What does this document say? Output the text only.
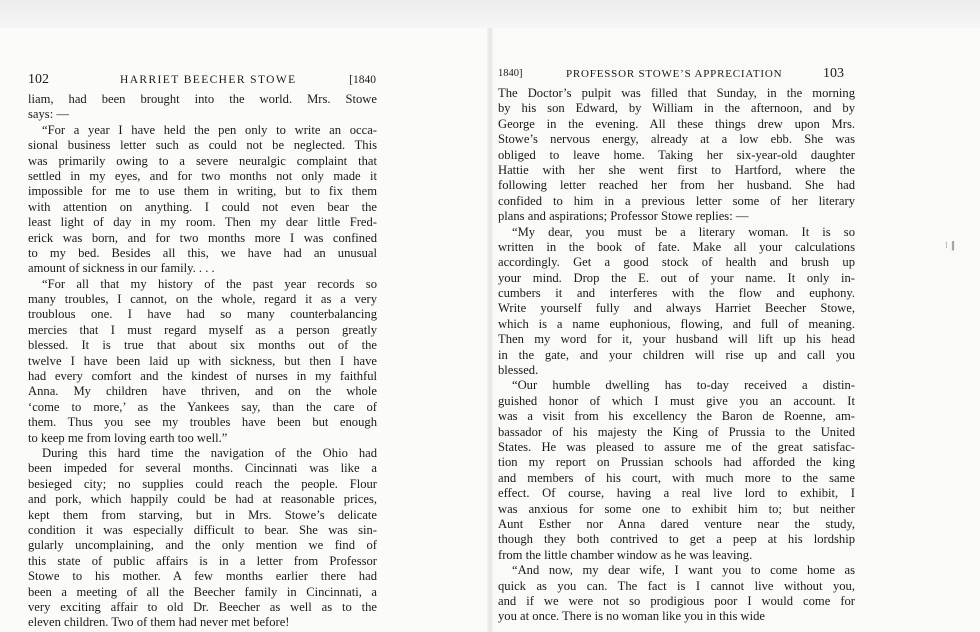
102	HARRIET BEECHER STOWE	[1840
liam, had been brought into the world. Mrs. Stowe
says: —
“For a year I have held the pen only to write an occa-
sional business letter such as could not be neglected. This
was primarily owing to a severe neuralgic complaint that
settled in my eyes, and for two months not only made it
impossible for me to use them in writing, but to fix them
with attention on anything. I could not even bear the
least light of day in my room. Then my dear little Fred-
erick was born, and for two months more I was confined
to my bed. Besides all this, we have had an unusual
amount of sickness in our family. . . .
“For all that my history of the past year records so
many troubles, I cannot, on the whole, regard it as a very
troublous one. I have had so many counterbalancing
mercies that I must regard myself as a person greatly
blessed. It is true that about six months out of the
twelve I have been laid up with sickness, but then I have
had every comfort and the kindest of nurses in my faithful
Anna. My children have thriven, and on the whole
‘come to more,’ as the Yankees say, than the care of
them. Thus you see my troubles have been but enough
to keep me from loving earth too well.”
During this hard time the navigation of the Ohio had
been impeded for several months. Cincinnati was like a
besieged city; no supplies could reach the people. Flour
and pork, which happily could be had at reasonable prices,
kept them from starving, but in Mrs. Stowe’s delicate
condition it was especially difficult to bear. She was sin-
gularly uncomplaining, and the only mention we find of
this state of public affairs is in a letter from Professor
Stowe to his mother. A few months earlier there had
been a meeting of all the Beecher family in Cincinnati, a
very exciting affair to old Dr. Beecher as well as to the
eleven children. Two of them had never met before!
1840]	PROFESSOR STOWE’S APPRECIATION	103
The Doctor’s pulpit was filled that Sunday, in the morning
by his son Edward, by William in the afternoon, and by
George in the evening. All these things drew upon Mrs.
Stowe’s nervous energy, already at a low ebb. She was
obliged to leave home. Taking her six-year-old daughter
Hattie with her she went first to Hartford, where the
following letter reached her from her husband. She had
confided to him in a previous letter some of her literary
plans and aspirations; Professor Stowe replies: —
“My dear, you must be a literary woman. It is so
written in the book of fate. Make all your calculations
accordingly. Get a good stock of health and brush up
your mind. Drop the E. out of your name. It only in-
cumbers it and interferes with the flow and euphony.
Write yourself fully and always Harriet Beecher Stowe,
which is a name euphonious, flowing, and full of meaning.
Then my word for it, your husband will lift up his head
in the gate, and your children will rise up and call you
blessed.
“Our humble dwelling has to-day received a distin-
guished honor of which I must give you an account. It
was a visit from his excellency the Baron de Roenne, am-
bassador of his majesty the King of Prussia to the United
States. He was pleased to assure me of the great satisfac-
tion my report on Prussian schools had afforded the king
and members of his court, with much more to the same
effect. Of course, having a real live lord to exhibit, I
was anxious for some one to exhibit him to; but neither
Aunt Esther nor Anna dared venture near the study,
though they both contrived to get a peep at his lordship
from the little chamber window as he was leaving.
“And now, my dear wife, I want you to come home as
quick as you can. The fact is I cannot live without you,
and if we were not so prodigious poor I would come for
you at once. There is no woman like you in this wide
⁝ ‖
